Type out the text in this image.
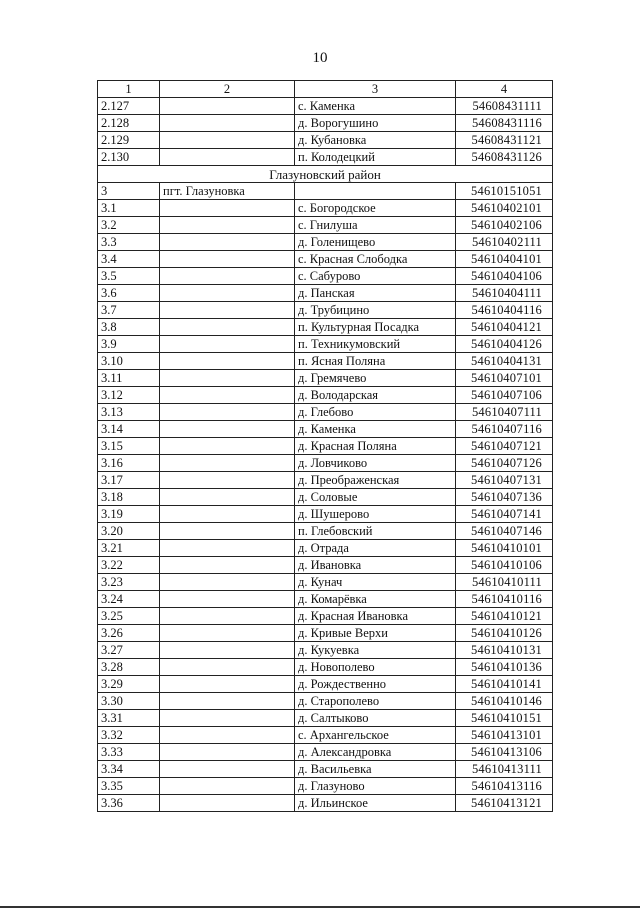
10
1	2	3	4
2.127		с. Каменка	54608431111
2.128		д. Ворогушино	54608431116
2.129		д. Кубановка	54608431121
2.130		п. Колодецкий	54608431126
Глазуновский район			
3	пгт. Глазуновка		54610151051
3.1		с. Богородское	54610402101
3.2		с. Гнилуша	54610402106
3.3		д. Голенищево	54610402111
3.4		с. Красная Слободка	54610404101
3.5		с. Сабурово	54610404106
3.6		д. Панская	54610404111
3.7		д. Трубицино	54610404116
3.8		п. Культурная Посадка	54610404121
3.9		п. Техникумовский	54610404126
3.10		п. Ясная Поляна	54610404131
3.11		д. Гремячево	54610407101
3.12		д. Володарская	54610407106
3.13		д. Глебово	54610407111
3.14		д. Каменка	54610407116
3.15		д. Красная Поляна	54610407121
3.16		д. Ловчиково	54610407126
3.17		д. Преображенская	54610407131
3.18		д. Соловые	54610407136
3.19		д. Шушерово	54610407141
3.20		п. Глебовский	54610407146
3.21		д. Отрада	54610410101
3.22		д. Ивановка	54610410106
3.23		д. Кунач	54610410111
3.24		д. Комарёвка	54610410116
3.25		д. Красная Ивановка	54610410121
3.26		д. Кривые Верхи	54610410126
3.27		д. Кукуевка	54610410131
3.28		д. Новополево	54610410136
3.29		д. Рождественно	54610410141
3.30		д. Старополево	54610410146
3.31		д. Салтыково	54610410151
3.32		с. Архангельское	54610413101
3.33		д. Александровка	54610413106
3.34		д. Васильевка	54610413111
3.35		д. Глазуново	54610413116
3.36		д. Ильинское	54610413121
